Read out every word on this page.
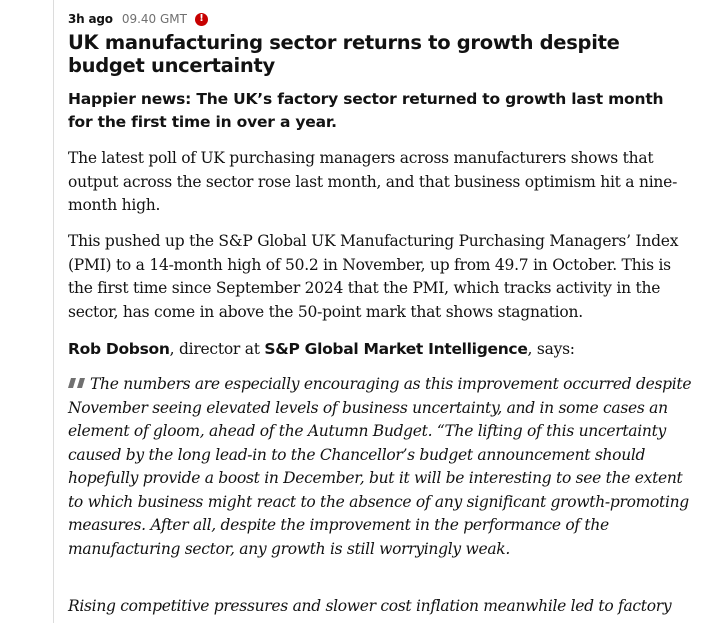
3h ago 09.40 GMT	!
UK manufacturing sector returns to growth despite budget uncertainty

Happier news: The UK’s factory sector returned to growth last month for the first time in over a year.

The latest poll of UK purchasing managers across manufacturers shows that output across the sector rose last month, and that business optimism hit a nine-month high.

This pushed up the S&P Global UK Manufacturing Purchasing Managers’ Index (PMI) to a 14-month high of 50.2 in November, up from 49.7 in October. This is the first time since September 2024 that the PMI, which tracks activity in the sector, has come in above the 50-point mark that shows stagnation.

Rob Dobson, director at S&P Global Market Intelligence, says:

The numbers are especially encouraging as this improvement occurred despite November seeing elevated levels of business uncertainty, and in some cases an element of gloom, ahead of the Autumn Budget. “The lifting of this uncertainty caused by the long lead-in to the Chancellor’s budget announcement should hopefully provide a boost in December, but it will be interesting to see the extent to which business might react to the absence of any significant growth-promoting measures. After all, despite the improvement in the performance of the manufacturing sector, any growth is still worryingly weak.

Rising competitive pressures and slower cost inflation meanwhile led to factory
